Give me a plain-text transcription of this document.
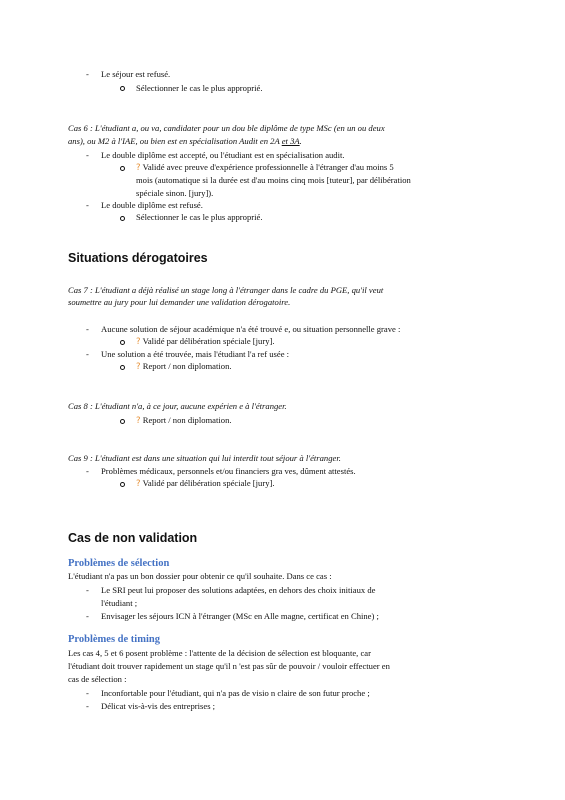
- Le séjour est refusé.
Sélectionner le cas le plus approprié.
Cas 6 : L'étudiant a, ou va, candidater pour un dou ble diplôme de type MSc (en un ou deux
ans), ou M2 à l'IAE, ou bien est en spécialisation Audit en 2A et 3A.
- Le double diplôme est accepté, ou l'étudiant est en spécialisation audit.
? Validé avec preuve d'expérience professionnelle à l'étranger d'au moins 5
mois (automatique si la durée est d'au moins cinq mois [tuteur], par délibération
spéciale sinon. [jury]).
- Le double diplôme est refusé.
Sélectionner le cas le plus approprié.
Situations dérogatoires
Cas 7 : L'étudiant a déjà réalisé un stage long à l'étranger dans le cadre du PGE, qu'il veut
soumettre au jury pour lui demander une validation dérogatoire.
- Aucune solution de séjour académique n'a été trouvé e, ou situation personnelle grave :
? Validé par délibération spéciale [jury].
- Une solution a été trouvée, mais l'étudiant l'a ref usée :
? Report / non diplomation.
Cas 8 : L'étudiant n'a, à ce jour, aucune expérien e à l'étranger.
? Report / non diplomation.
Cas 9 : L'étudiant est dans une situation qui lui interdit tout séjour à l'étranger.
- Problèmes médicaux, personnels et/ou financiers gra ves, dûment attestés.
? Validé par délibération spéciale [jury].
Cas de non validation
Problèmes de sélection
L'étudiant n'a pas un bon dossier pour obtenir ce qu'il souhaite. Dans ce cas :
- Le SRI peut lui proposer des solutions adaptées, en dehors des choix initiaux de
l'étudiant ;
- Envisager les séjours ICN à l'étranger (MSc en Alle magne, certificat en Chine) ;
Problèmes de timing
Les cas 4, 5 et 6 posent problème : l'attente de la décision de sélection est bloquante, car
l'étudiant doit trouver rapidement un stage qu'il n 'est pas sûr de pouvoir / vouloir effectuer en
cas de sélection :
- Inconfortable pour l'étudiant, qui n'a pas de visio n claire de son futur proche ;
- Délicat vis-à-vis des entreprises ;
